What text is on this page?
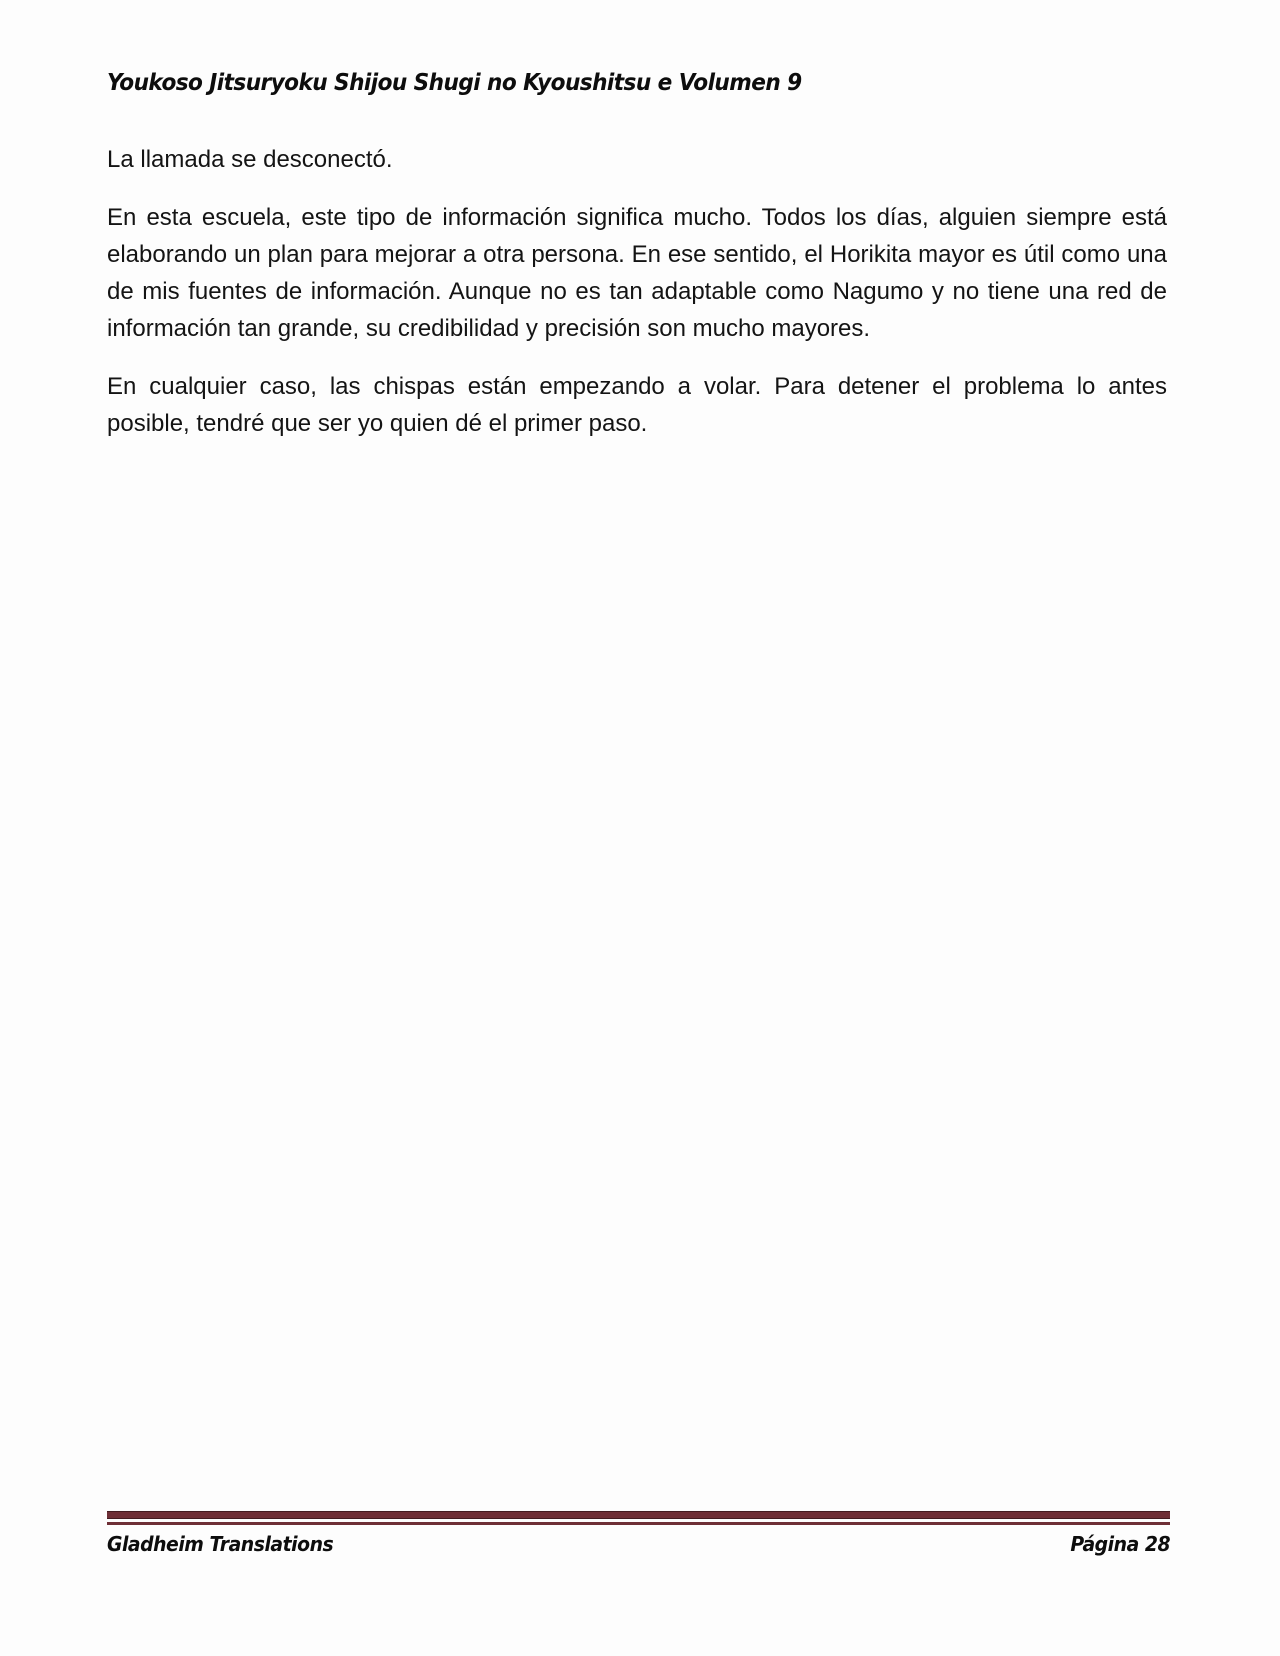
Youkoso Jitsuryoku Shijou Shugi no Kyoushitsu e Volumen 9

La llamada se desconectó.

En esta escuela, este tipo de información significa mucho. Todos los días, alguien siempre está elaborando un plan para mejorar a otra persona. En ese sentido, el Horikita mayor es útil como una de mis fuentes de información. Aunque no es tan adaptable como Nagumo y no tiene una red de información tan grande, su credibilidad y precisión son mucho mayores.

En cualquier caso, las chispas están empezando a volar. Para detener el problema lo antes posible, tendré que ser yo quien dé el primer paso.

Gladheim Translations	Página 28
